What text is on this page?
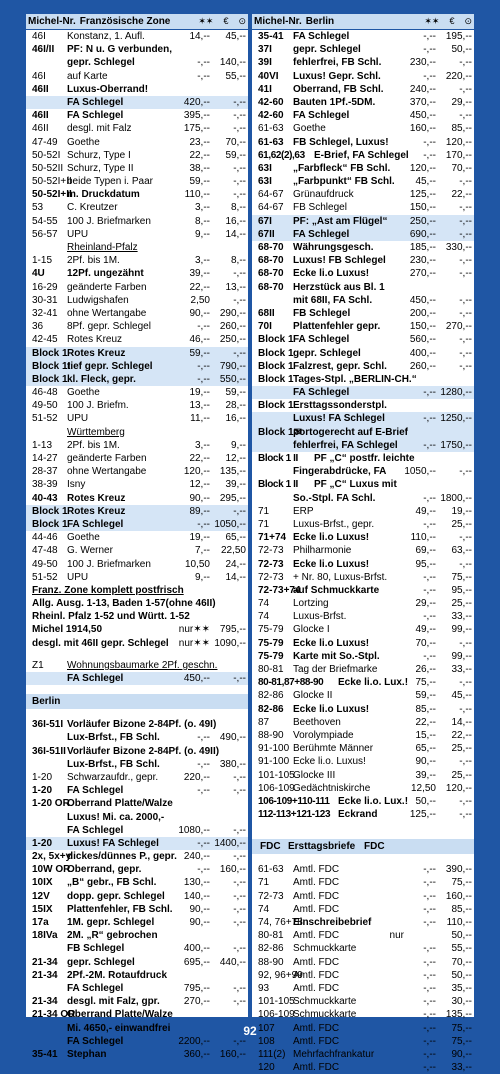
Michel-Nr. Französische Zone	✶✶ € ⊙
46I Konstanz, 1. Aufl.	14,-- 45,--
46I/II PF: N u. G verbunden,
gepr. Schlegel	-,-- 140,--
46I auf Karte	-,-- 55,--
46II Luxus-Oberrand!
FA Schlegel	420,-- -,--
46II FA Schlegel	395,-- -,--
46II desgl. mit Falz	175,-- -,--
47-49 Goethe	23,-- 70,--
50-52I Schurz, Type I	22,-- 59,--
50-52II Schurz, Type II	38,-- -,--
50-52I+II
beide Typen i. Paar	59,-- -,--
50-52I+II
m. Druckdatum	110,-- -,--
53 C. Kreutzer	3,-- 8,--
54-55 100 J. Briefmarken	8,-- 16,--
56-57 UPU	9,-- 14,--
Rheinland-Pfalz
1-15 2Pf. bis 1M.	3,-- 8,--
4U 12Pf. ungezähnt	39,-- -,--
16-29 geänderte Farben	22,-- 13,--
30-31 Ludwigshafen	2,50 -,--
32-41 ohne Wertangabe	90,-- 290,--
36 8Pf. gepr. Schlegel	-,-- 260,--
42-45 Rotes Kreuz	46,-- 250,--
Block 1 Rotes Kreuz	59,-- -,--
Block 1I
tief gepr. Schlegel	-,-- 790,--
Block 1 kl. Fleck, gepr.	-,-- 550,--
46-48 Goethe	19,-- 59,--
49-50 100 J. Briefm.	13,-- 28,--
51-52 UPU	11,-- 16,--
Württemberg
1-13 2Pf. bis 1M.	3,-- 9,--
14-27 geänderte Farben	22,-- 12,--
28-37 ohne Wertangabe	120,-- 135,--
38-39 Isny	12,-- 39,--
40-43 Rotes Kreuz	90,-- 295,--
Block 1 Rotes Kreuz	89,-- -,--
Block 1 FA Schlegel	-,-- 1050,--
44-46 Goethe	19,-- 65,--
47-48 G. Werner	7,-- 22,50
49-50 100 J. Briefmarken	10,50 24,--
51-52 UPU	9,-- 14,--
Franz. Zone komplett postfrisch
Allg. Ausg. 1-13, Baden 1-57(ohne 46II)
Rheinl. Pfalz 1-52 und Württ. 1-52
Michel 1914,50	nur✶✶ 795,--
desgl. mit 46II gepr. Schlegel nur✶✶ 1090,--
Z1 Wohnungsbaumarke 2Pf. geschn.
FA Schlegel	450,-- -,--
Berlin
36I-51I Vorläufer Bizone 2-84Pf. (o. 49I)
Lux-Brfst., FB Schl.	-,-- 490,--
36I-51II Vorläufer Bizone 2-84Pf. (o. 49II)
Lux-Brfst., FB Schl.	-,-- 380,--
1-20 Schwarzaufdr., gepr.	220,-- -,--
1-20 FA Schlegel	-,-- -,--
1-20 OR
Oberrand Platte/Walze
Luxus! Mi. ca. 2000,-
FA Schlegel	1080,-- -,--
1-20 Luxus! FA Schlegel	-,-- 1400,--
2x, 5x+y
dickes/dünnes P., gepr. 240,-- -,--
10W OR
Oberrand, gepr.	-,-- 160,--
10IX „B“ gebr., FB Schl.	130,-- -,--
12V dopp. gepr. Schlegel 140,-- -,--
15IX Plattenfehler, FB Schl. 90,-- -,--
17a 1M. gepr. Schlegel	90,-- -,--
18IVa 2M. „R“ gebrochen
FB Schlegel	400,-- -,--
21-34 gepr. Schlegel	695,-- 440,--
21-34 2Pf.-2M. Rotaufdruck
FA Schlegel	795,-- -,--
21-34 desgl. mit Falz, gpr. 270,-- -,--
21-34 OR
Oberrand Platte/Walze
Mi. 4650,- einwandfrei
FA Schlegel	2200,-- -,--
35-41 Stephan	360,-- 160,--
Michel-Nr. Berlin	✶✶ € ⊙
35-41 FA Schlegel	-,-- 195,--
37I gepr. Schlegel	-,-- 50,--
39I fehlerfrei, FB Schl.	230,-- -,--
40VI Luxus! Gepr. Schl.	-,-- 220,--
41I Oberrand, FB Schl.	240,-- -,--
42-60 Bauten 1Pf.-5DM.	370,-- 29,--
42-60 FA Schlegel	450,-- -,--
61-63 Goethe	160,-- 85,--
61-63 FB Schlegel, Luxus!	-,-- 120,--
61,62(2),63 E-Brief, FA Schlegel -,-- 170,--
63I „Farbfleck“ FB Schl. 120,-- 70,--
63I „Farbpunkt“ FB Schl. 45,-- -,--
64-67 Grünaufdruck	125,-- 22,--
64-67 FB Schlegel	150,-- -,--
67I PF: „Ast am Flügel“ 250,-- -,--
67II FA Schlegel	690,-- -,--
68-70 Währungsgesch.	185,-- 330,--
68-70 Luxus! FB Schlegel 230,-- -,--
68-70 Ecke li.o Luxus!	270,-- -,--
68-70 Herzstück aus Bl. 1
mit 68II, FA Schl.	450,-- -,--
68II FB Schlegel	200,-- -,--
70I Plattenfehler gepr.	150,-- 270,--
Block 1 FA Schlegel	560,-- -,--
Block 1 gepr. Schlegel	400,-- -,--
Block 1 Falzrest, gepr. Schl. 260,-- -,--
Block 1 Tages-Stpl. „BERLIN-CH.“
FA Schlegel	-,-- 1280,--
Block 1 Ersttagssonderstpl.
Luxus! FA Schlegel	-,-- 1250,--
Block 1✉
portogerecht auf E-Brief
fehlerfrei, FA Schlegel	-,-- 1750,--
Block 1 II PF „C“ postfr. leichte
Fingerabdrücke, FA 1050,-- -,--
Block 1 II PF „C“ Luxus mit
So.-Stpl. FA Schl.	-,-- 1800,--
71 ERP	49,-- 19,--
71 Luxus-Brfst., gepr.	-,-- 25,--
71+74 Ecke li.o Luxus!	110,-- -,--
72-73 Philharmonie	69,-- 63,--
72-73 Ecke li.o Luxus!	95,-- -,--
72-73 + Nr. 80, Luxus-Brfst.	-,-- 75,--
72-73+74
auf Schmuckkarte	-,-- 95,--
74 Lortzing	29,-- 25,--
74 Luxus-Brfst.	-,-- 33,--
75-79 Glocke I	49,-- 99,--
75-79 Ecke li.o Luxus!	70,-- -,--
75-79 Karte mit So.-Stpl.	-,-- 99,--
80-81 Tag der Briefmarke	26,-- 33,--
80-81,87+88-90 Ecke li.o. Lux.! 75,-- -,--
82-86 Glocke II	59,-- 45,--
82-86 Ecke li.o Luxus!	85,-- -,--
87 Beethoven	22,-- 14,--
88-90 Vorolympiade	15,-- 22,--
91-100 Berühmte Männer	65,-- 25,--
91-100 Ecke li.o. Luxus!	90,-- -,--
101-105
Glocke III	39,-- 25,--
106-109
Gedächtniskirche	12,50 120,--
106-109+110-111 Ecke li.o. Lux.! 50,-- -,--
112-113+121-123 Eckrand	125,-- -,--
FDC Ersttagsbriefe FDC
61-63 Amtl. FDC	-,-- 390,--
71 Amtl. FDC	-,-- 75,--
72-73 Amtl. FDC	-,-- 160,--
74 Amtl. FDC	-,-- 85,--
74, 76+78
Einschreibebrief	-,-- 110,--
80-81 Amtl. FDC	nur	50,--
82-86 Schmuckkarte	-,-- 55,--
88-90 Amtl. FDC	-,-- 70,--
92, 96+99
Amtl. FDC	-,-- 50,--
93 Amtl. FDC	-,-- 35,--
101-105
Schmuckkarte	-,-- 30,--
106-109
Schmuckkarte	-,-- 135,--
107 Amtl. FDC	-,-- 75,--
108 Amtl. FDC	-,-- 75,--
111(2) Mehrfachfrankatur	-,-- 90,--
120 Amtl. FDC	-,-- 33,--
92
